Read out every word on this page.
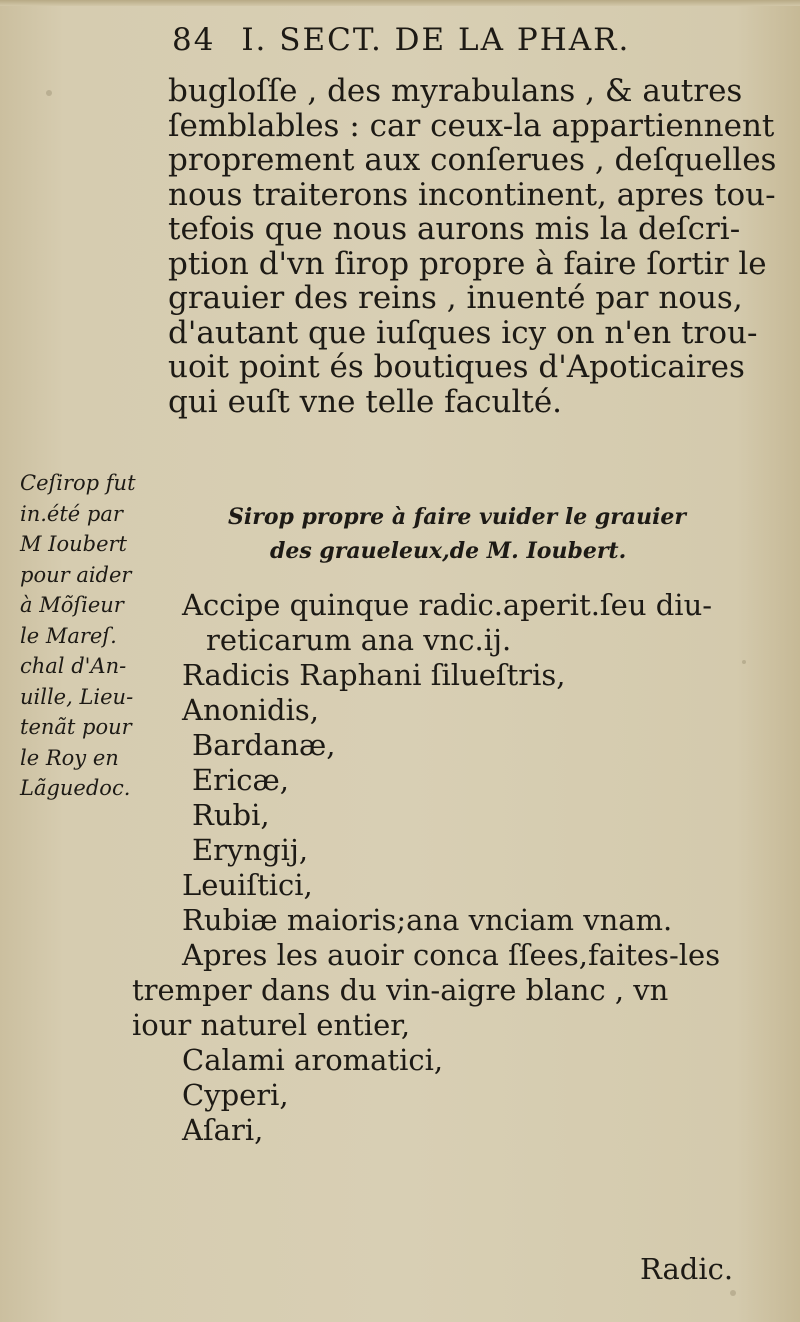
84 I. SECT. DE LA PHAR.
bugloſſe , des myrabulans , & autres
ſemblables : car ceux-la appartiennent
proprement aux conſerues , deſquelles
nous traiterons incontinent, apres tou-
tefois que nous aurons mis la deſcri-
ption d'vn ſirop propre à faire ſortir le
grauier des reins , inuenté par nous,
d'autant que iuſques icy on n'en trou-
uoit point és boutiques d'Apoticaires
qui euſt vne telle faculté.
Ceſirop fut
in.été par
M Ioubert
pour aider
à Mõſieur
le Mareſ.
chal d'An-
uille, Lieu-
tenãt pour
le Roy en
Lãguedoc.
Sirop propre à faire vuider le grauier
des graueleux,de M. Ioubert.
Accipe quinque radic.aperit.ſeu diu-
reticarum ana vnc.ij.
Radicis Raphani ſilueſtris,
Anonidis,
Bardanæ,
Ericæ,
Rubi,
Eryngij,
Leuiſtici,
Rubiæ maioris;ana vnciam vnam.
Apres les auoir conca ſſees,faites-les
tremper dans du vin-aigre blanc , vn
iour naturel entier,
Calami aromatici,
Cyperi,
Aſari,
Radic.
